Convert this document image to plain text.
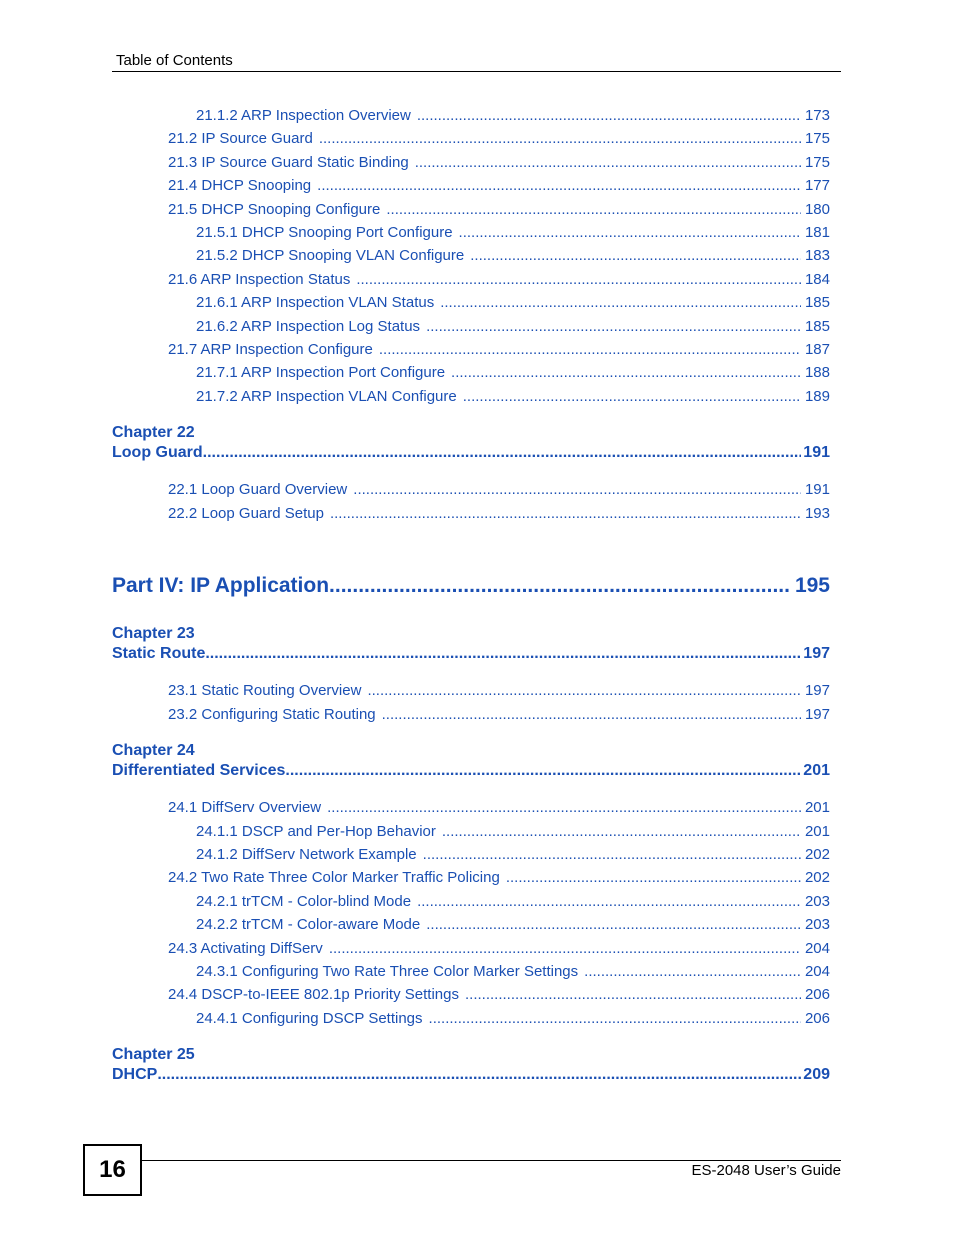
Table of Contents
21.1.2 ARP Inspection Overview .....	173
21.2 IP Source Guard .....	175
21.3 IP Source Guard Static Binding .....	175
21.4 DHCP Snooping .....	177
21.5 DHCP Snooping Configure .....	180
21.5.1 DHCP Snooping Port Configure .....	181
21.5.2 DHCP Snooping VLAN Configure .....	183
21.6 ARP Inspection Status .....	184
21.6.1 ARP Inspection VLAN Status .....	185
21.6.2 ARP Inspection Log Status .....	185
21.7 ARP Inspection Configure .....	187
21.7.1 ARP Inspection Port Configure .....	188
21.7.2 ARP Inspection VLAN Configure .....	189
Chapter 22
Loop Guard .....	191
22.1 Loop Guard Overview .....	191
22.2 Loop Guard Setup .....	193
Part IV: IP Application .....	195
Chapter 23
Static Route .....	197
23.1 Static Routing Overview .....	197
23.2 Configuring Static Routing .....	197
Chapter 24
Differentiated Services .....	201
24.1 DiffServ Overview .....	201
24.1.1 DSCP and Per-Hop Behavior .....	201
24.1.2 DiffServ Network Example .....	202
24.2 Two Rate Three Color Marker Traffic Policing .....	202
24.2.1 trTCM - Color-blind Mode .....	203
24.2.2 trTCM - Color-aware Mode .....	203
24.3 Activating DiffServ .....	204
24.3.1 Configuring Two Rate Three Color Marker Settings .....	204
24.4 DSCP-to-IEEE 802.1p Priority Settings .....	206
24.4.1 Configuring DSCP Settings .....	206
Chapter 25
DHCP .....	209
16	ES-2048 User’s Guide
